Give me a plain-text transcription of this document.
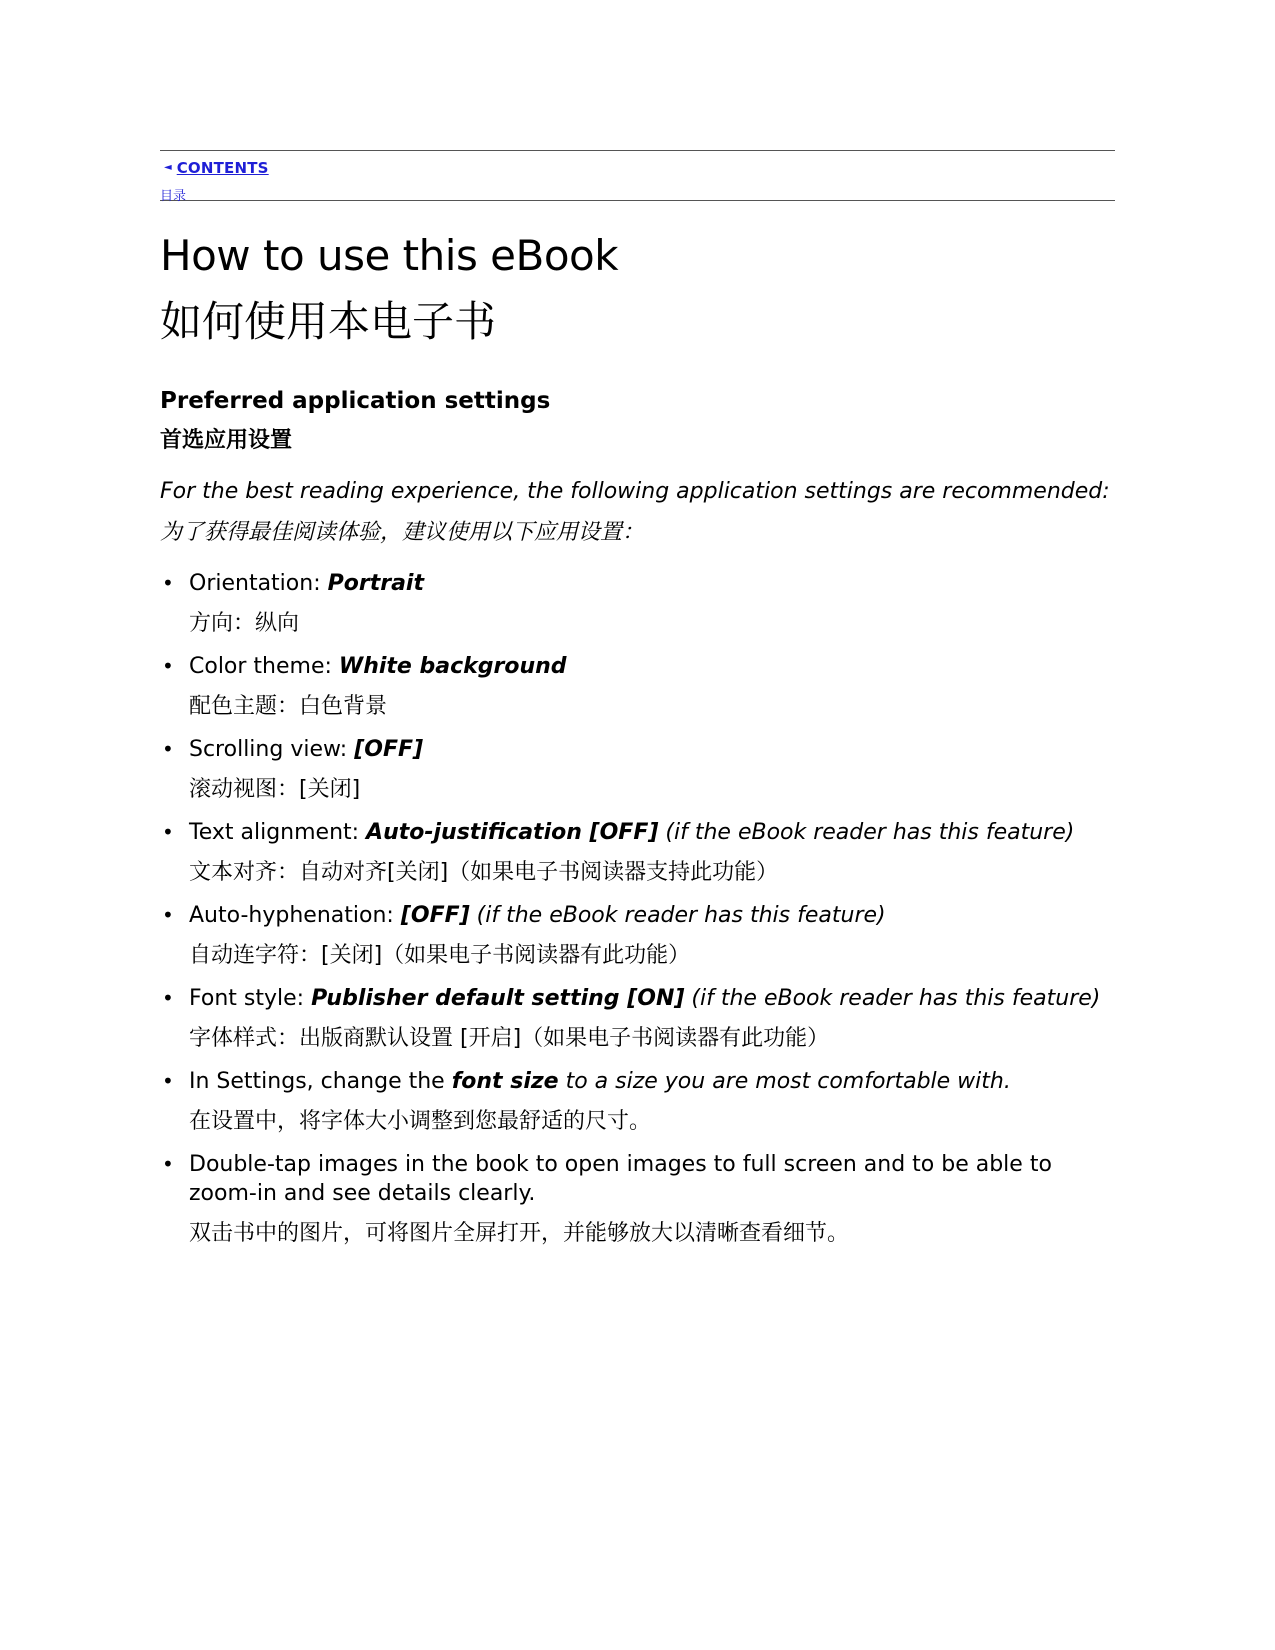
◄ CONTENTS
目录
How to use this eBook
如何使用本电子书
Preferred application settings
首选应用设置

For the best reading experience, the following application settings are recommended:

为了获得最佳阅读体验，建议使用以下应用设置：

• Orientation: Portrait
方向：纵向
• Color theme: White background
配色主题：白色背景
• Scrolling view: [OFF]
滚动视图：[关闭]
• Text alignment: Auto-justification [OFF] (if the eBook reader has this feature)
文本对齐：自动对齐[关闭]（如果电子书阅读器支持此功能）
• Auto-hyphenation: [OFF] (if the eBook reader has this feature)
自动连字符：[关闭]（如果电子书阅读器有此功能）
• Font style: Publisher default setting [ON] (if the eBook reader has this feature)
字体样式：出版商默认设置 [开启]（如果电子书阅读器有此功能）
• In Settings, change the font size to a size you are most comfortable with.
在设置中，将字体大小调整到您最舒适的尺寸。
• Double-tap images in the book to open images to full screen and to be able to zoom-in and see details clearly.
双击书中的图片，可将图片全屏打开，并能够放大以清晰查看细节。
